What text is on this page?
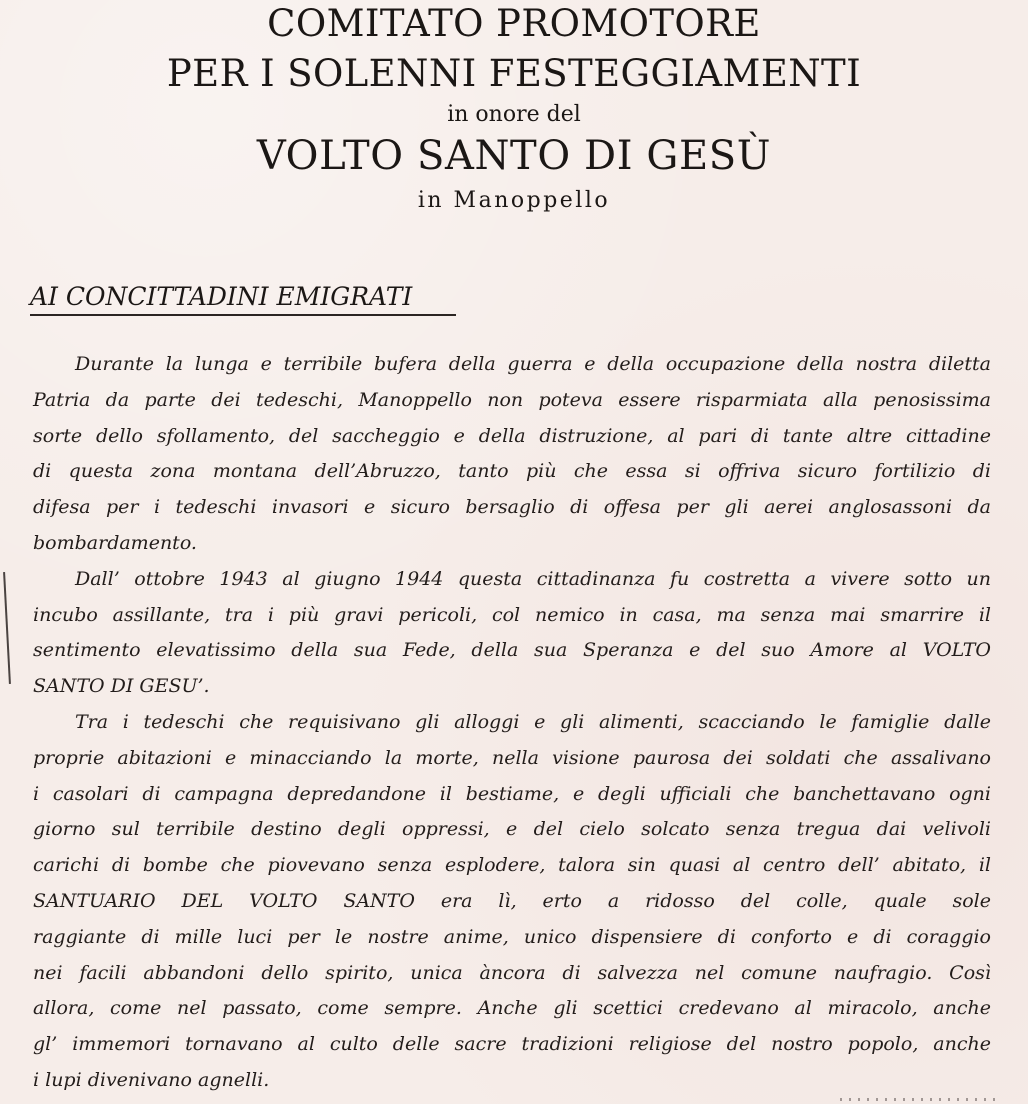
COMITATO PROMOTORE
PER I SOLENNI FESTEGGIAMENTI
in onore del
VOLTO SANTO DI GESÙ
in Manoppello
AI CONCITTADINI EMIGRATI
Durante la lunga e terribile bufera della guerra e della occupazione della nostra diletta
Patria da parte dei tedeschi, Manoppello non poteva essere risparmiata alla penosissima
sorte dello sfollamento, del saccheggio e della distruzione, al pari di tante altre cittadine
di questa zona montana dell’Abruzzo, tanto più che essa si offriva sicuro fortilizio di
difesa per i tedeschi invasori e sicuro bersaglio di offesa per gli aerei anglosassoni da
bombardamento.
Dall’ ottobre 1943 al giugno 1944 questa cittadinanza fu costretta a vivere sotto un
incubo assillante, tra i più gravi pericoli, col nemico in casa, ma senza mai smarrire il
sentimento elevatissimo della sua Fede, della sua Speranza e del suo Amore al VOLTO
SANTO DI GESU’.
Tra i tedeschi che requisivano gli alloggi e gli alimenti, scacciando le famiglie dalle
proprie abitazioni e minacciando la morte, nella visione paurosa dei soldati che assalivano
i casolari di campagna depredandone il bestiame, e degli ufficiali che banchettavano ogni
giorno sul terribile destino degli oppressi, e del cielo solcato senza tregua dai velivoli
carichi di bombe che piovevano senza esplodere, talora sin quasi al centro dell’ abitato, il
SANTUARIO DEL VOLTO SANTO era lì, erto a ridosso del colle, quale sole
raggiante di mille luci per le nostre anime, unico dispensiere di conforto e di coraggio
nei facili abbandoni dello spirito, unica àncora di salvezza nel comune naufragio. Così
allora, come nel passato, come sempre. Anche gli scettici credevano al miracolo, anche
gl’ immemori tornavano al culto delle sacre tradizioni religiose del nostro popolo, anche
i lupi divenivano agnelli.
